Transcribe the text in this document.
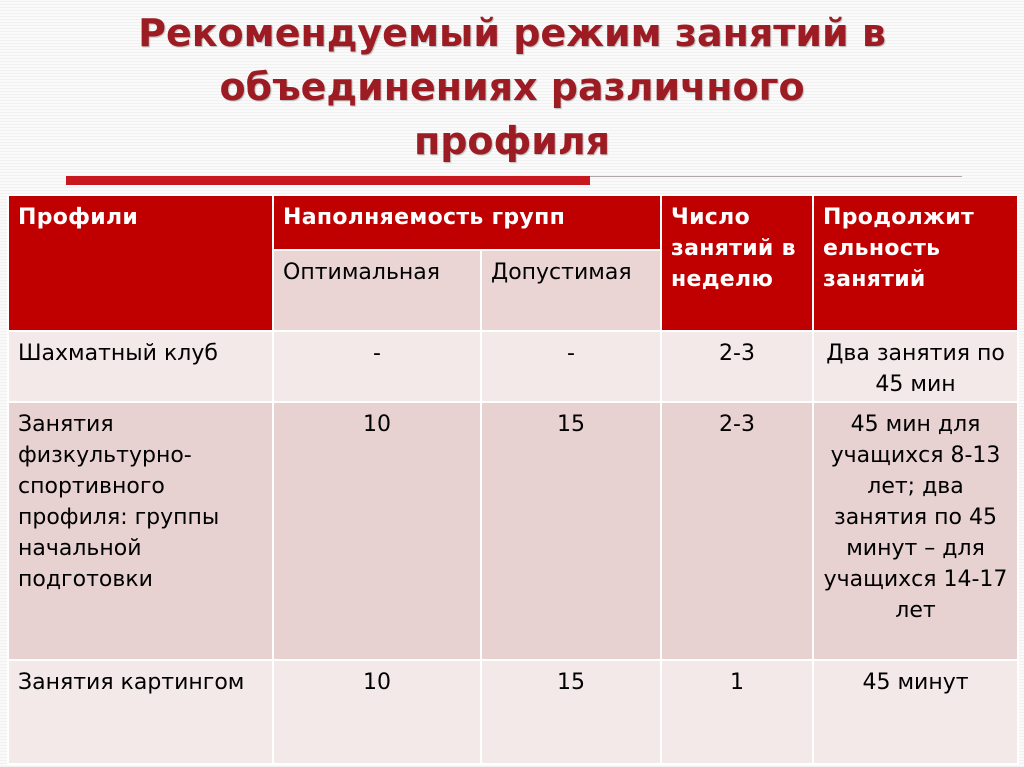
Рекомендуемый режим занятий в
объединениях различного
профиля
Профили	Наполняемость групп		Число занятий в неделю	Продолжит ельность занятий
	Оптимальная	Допустимая		
Шахматный клуб	-	-	2-3	Два занятия по 45 мин
Занятия физкультурно-спортивного профиля: группы начальной подготовки	10	15	2-3	45 мин для учащихся 8-13 лет; два занятия по 45 минут – для учащихся 14-17 лет
Занятия картингом	10	15	1	45 минут
